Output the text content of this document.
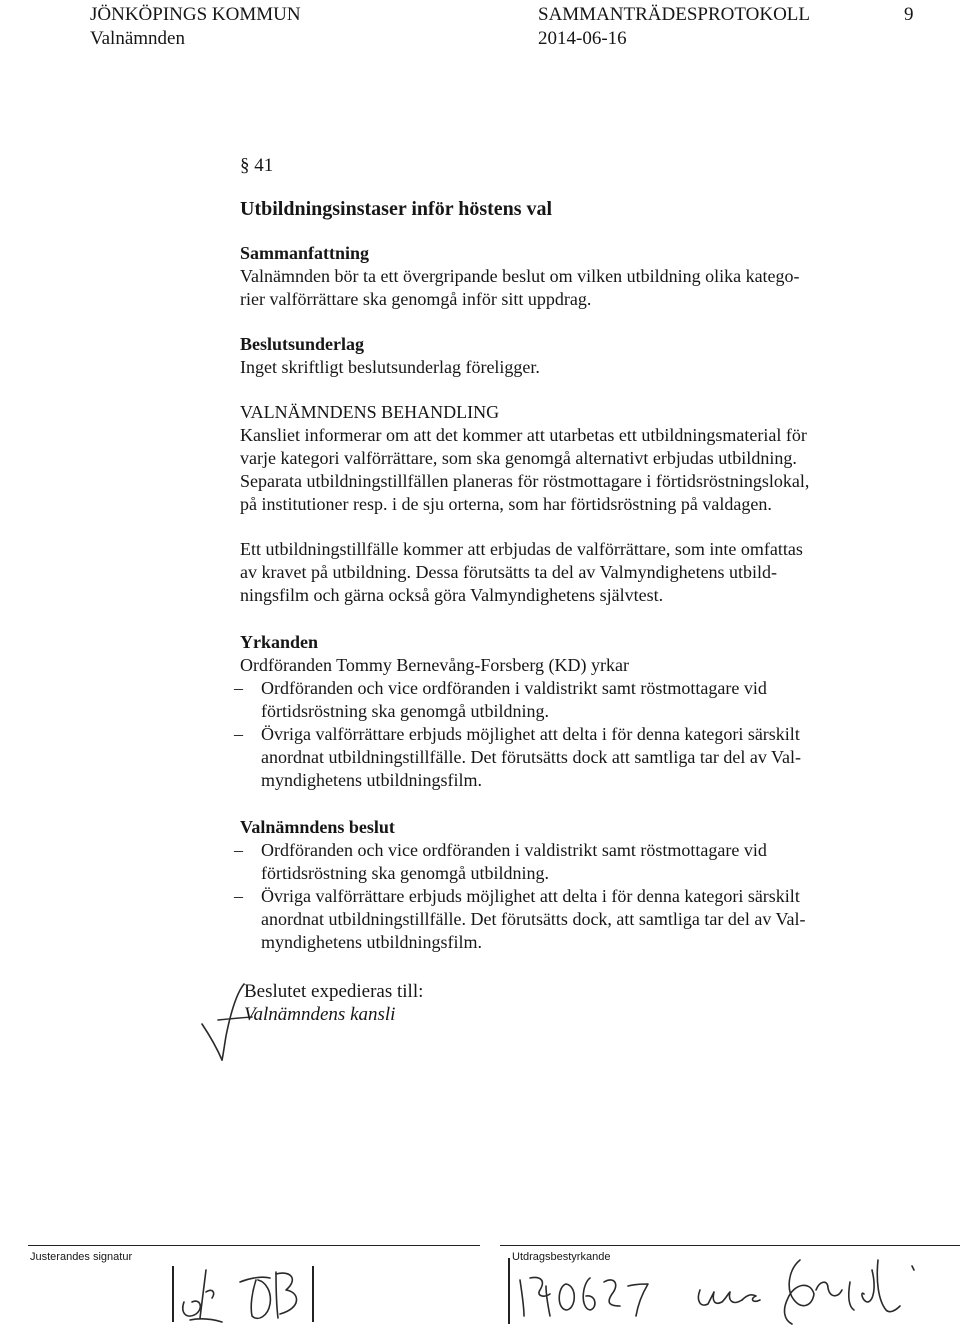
JÖNKÖPINGS KOMMUN
Valnämnden
SAMMANTRÄDESPROTOKOLL
2014-06-16
9
§ 41
Utbildningsinstaser inför höstens val
Sammanfattning

Valnämnden bör ta ett övergripande beslut om vilken utbildning olika katego-
rier valförrättare ska genomgå inför sitt uppdrag.

Beslutsunderlag

Inget skriftligt beslutsunderlag föreligger.

VALNÄMNDENS BEHANDLING

Kansliet informerar om att det kommer att utarbetas ett utbildningsmaterial för
varje kategori valförrättare, som ska genomgå alternativt erbjudas utbildning.
Separata utbildningstillfällen planeras för röstmottagare i förtidsröstningslokal,
på institutioner resp. i de sju orterna, som har förtidsröstning på valdagen.

Ett utbildningstillfälle kommer att erbjudas de valförrättare, som inte omfattas
av kravet på utbildning. Dessa förutsätts ta del av Valmyndighetens utbild-
ningsfilm och gärna också göra Valmyndighetens självtest.

Yrkanden

Ordföranden Tommy Bernevång-Forsberg (KD) yrkar

– Ordföranden och vice ordföranden i valdistrikt samt röstmottagare vid
förtidsröstning ska genomgå utbildning.
– Övriga valförrättare erbjuds möjlighet att delta i för denna kategori särskilt
anordnat utbildningstillfälle. Det förutsätts dock att samtliga tar del av Val-
myndighetens utbildningsfilm.
Valnämndens beslut
– Ordföranden och vice ordföranden i valdistrikt samt röstmottagare vid
förtidsröstning ska genomgå utbildning.
– Övriga valförrättare erbjuds möjlighet att delta i för denna kategori särskilt
anordnat utbildningstillfälle. Det förutsätts dock, att samtliga tar del av Val-
myndighetens utbildningsfilm.
Beslutet expedieras till:
Valnämndens kansli
Justerandes signatur	Utdragsbestyrkande
